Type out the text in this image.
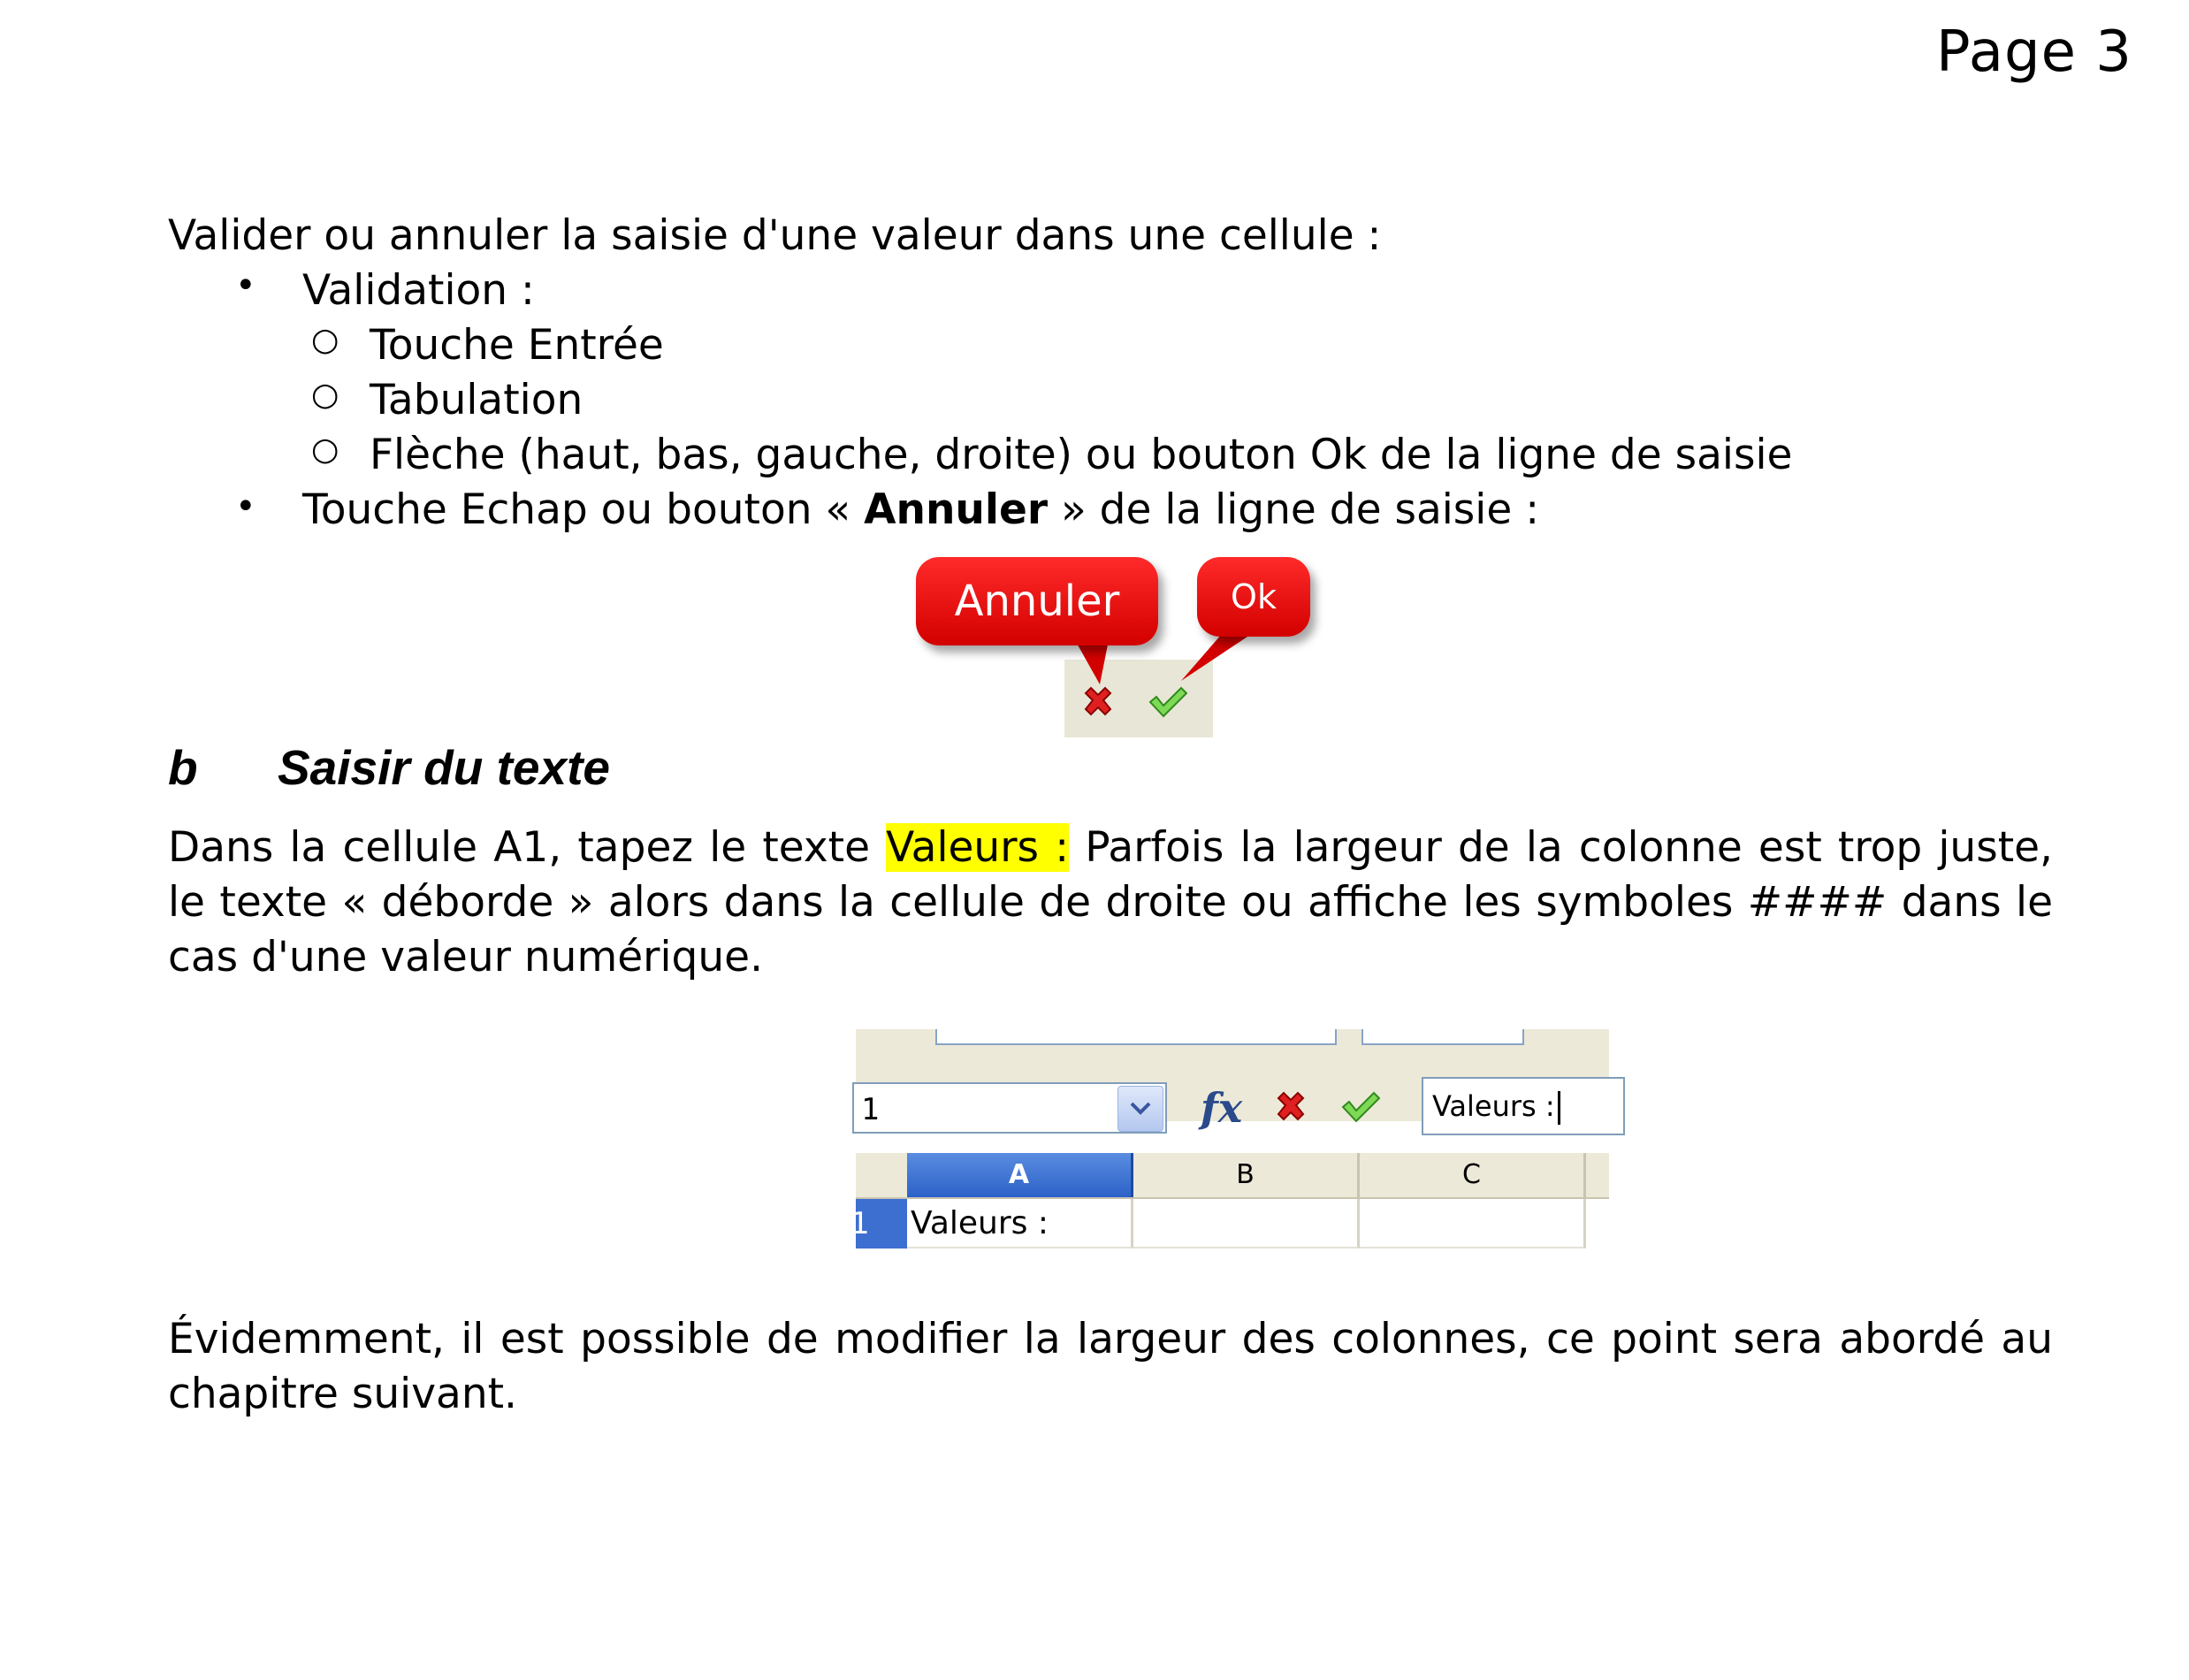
Page 3
Valider ou annuler la saisie d'une valeur dans une cellule :
• Validation :
○ Touche Entrée
○ Tabulation
○ Flèche (haut, bas, gauche, droite) ou bouton Ok de la ligne de saisie
• Touche Echap ou bouton « Annuler » de la ligne de saisie :
Annuler	Ok
b Saisir du texte
Dans la cellule A1, tapez le texte Valeurs : Parfois la largeur de la colonne est trop juste, le texte « déborde » alors dans la cellule de droite ou affiche les symboles #### dans le cas d'une valeur numérique.
1	fx	Valeurs :
A	B	C
1	Valeurs :
Évidemment, il est possible de modifier la largeur des colonnes, ce point sera abordé au chapitre suivant.
